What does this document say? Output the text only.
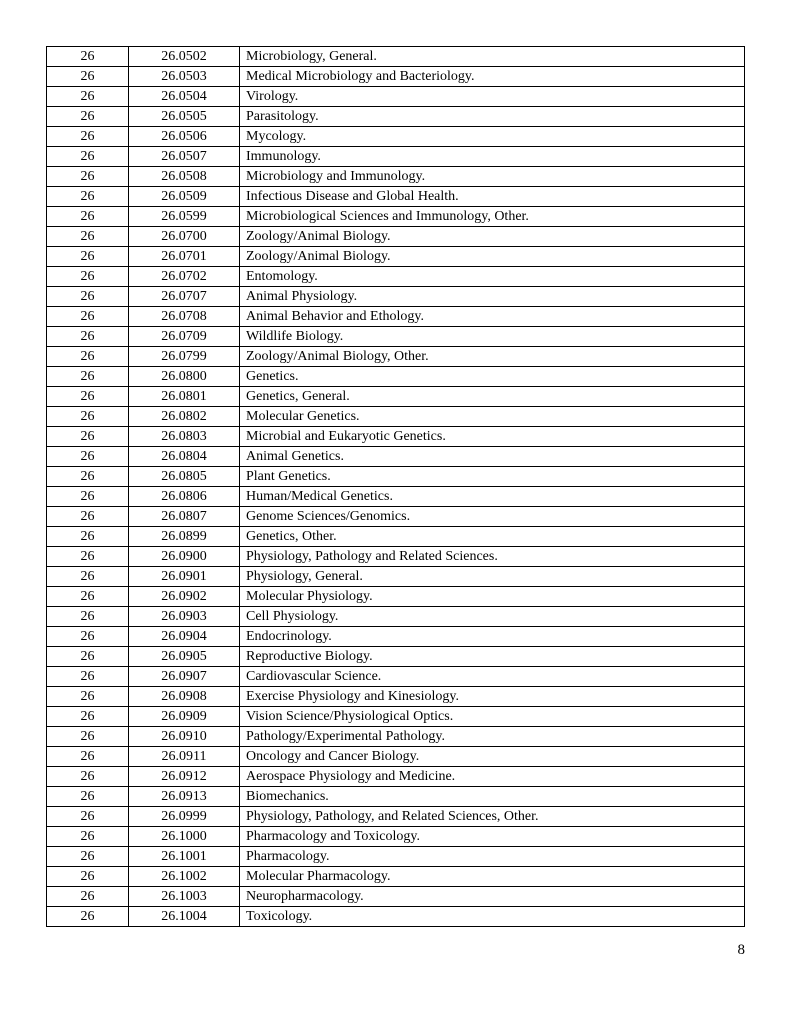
26	26.0502	Microbiology, General.
26	26.0503	Medical Microbiology and Bacteriology.
26	26.0504	Virology.
26	26.0505	Parasitology.
26	26.0506	Mycology.
26	26.0507	Immunology.
26	26.0508	Microbiology and Immunology.
26	26.0509	Infectious Disease and Global Health.
26	26.0599	Microbiological Sciences and Immunology, Other.
26	26.0700	Zoology/Animal Biology.
26	26.0701	Zoology/Animal Biology.
26	26.0702	Entomology.
26	26.0707	Animal Physiology.
26	26.0708	Animal Behavior and Ethology.
26	26.0709	Wildlife Biology.
26	26.0799	Zoology/Animal Biology, Other.
26	26.0800	Genetics.
26	26.0801	Genetics, General.
26	26.0802	Molecular Genetics.
26	26.0803	Microbial and Eukaryotic Genetics.
26	26.0804	Animal Genetics.
26	26.0805	Plant Genetics.
26	26.0806	Human/Medical Genetics.
26	26.0807	Genome Sciences/Genomics.
26	26.0899	Genetics, Other.
26	26.0900	Physiology, Pathology and Related Sciences.
26	26.0901	Physiology, General.
26	26.0902	Molecular Physiology.
26	26.0903	Cell Physiology.
26	26.0904	Endocrinology.
26	26.0905	Reproductive Biology.
26	26.0907	Cardiovascular Science.
26	26.0908	Exercise Physiology and Kinesiology.
26	26.0909	Vision Science/Physiological Optics.
26	26.0910	Pathology/Experimental Pathology.
26	26.0911	Oncology and Cancer Biology.
26	26.0912	Aerospace Physiology and Medicine.
26	26.0913	Biomechanics.
26	26.0999	Physiology, Pathology, and Related Sciences, Other.
26	26.1000	Pharmacology and Toxicology.
26	26.1001	Pharmacology.
26	26.1002	Molecular Pharmacology.
26	26.1003	Neuropharmacology.
26	26.1004	Toxicology.
8
